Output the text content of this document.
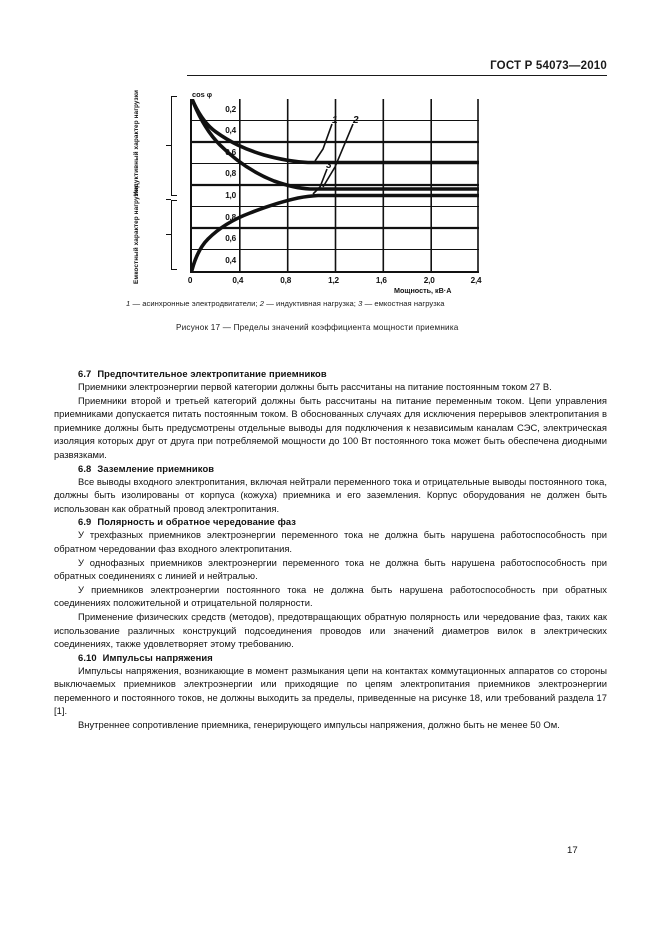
ГОСТ Р 54073—2010
Индуктивный характер нагрузки
Емкостный характер нагрузки
cos φ
0,2
0,4
0,6
0,8
1,0
0,8
0,6
0,4
1 2
3
0	0,4	0,8	1,2	1,6	2,0	2,4
Мощность, кВ·А
1 — асинхронные электродвигатели; 2 — индуктивная нагрузка; 3 — емкостная нагрузка
Рисунок 17 — Пределы значений коэффициента мощности приемника
6.7 Предпочтительное электропитание приемников

Приемники электроэнергии первой категории должны быть рассчитаны на питание постоянным током 27 В.

Приемники второй и третьей категорий должны быть рассчитаны на питание переменным током. Цепи управления приемниками допускается питать постоянным током. В обоснованных случаях для исключения перерывов электропитания в приемнике должны быть предусмотрены отдельные выводы для подключения к независимым каналам СЭС, электрическая изоляция которых друг от друга при потребляемой мощности до 100 Вт постоянного тока может быть обеспечена диодными развязками.

6.8 Заземление приемников

Все выводы входного электропитания, включая нейтрали переменного тока и отрицательные выводы постоянного тока, должны быть изолированы от корпуса (кожуха) приемника и его заземления. Корпус оборудования не должен быть использован как обратный провод электропитания.

6.9 Полярность и обратное чередование фаз

У трехфазных приемников электроэнергии переменного тока не должна быть нарушена работоспособность при обратном чередовании фаз входного электропитания.

У однофазных приемников электроэнергии переменного тока не должна быть нарушена работоспособность при обратных соединениях с линией и нейтралью.

У приемников электроэнергии постоянного тока не должна быть нарушена работоспособность при обратных соединениях положительной и отрицательной полярности.

Применение физических средств (методов), предотвращающих обратную полярность или чередование фаз, таких как использование различных конструкций подсоединения проводов или значений диаметров вилок в электрических соединениях, также удовлетворяет этому требованию.

6.10 Импульсы напряжения

Импульсы напряжения, возникающие в момент размыкания цепи на контактах коммутационных аппаратов со стороны выключаемых приемников электроэнергии или приходящие по цепям электропитания приемников электроэнергии переменного и постоянного токов, не должны выходить за пределы, приведенные на рисунке 18, или требований раздела 17 [1].

Внутреннее сопротивление приемника, генерирующего импульсы напряжения, должно быть не менее 50 Ом.

17
